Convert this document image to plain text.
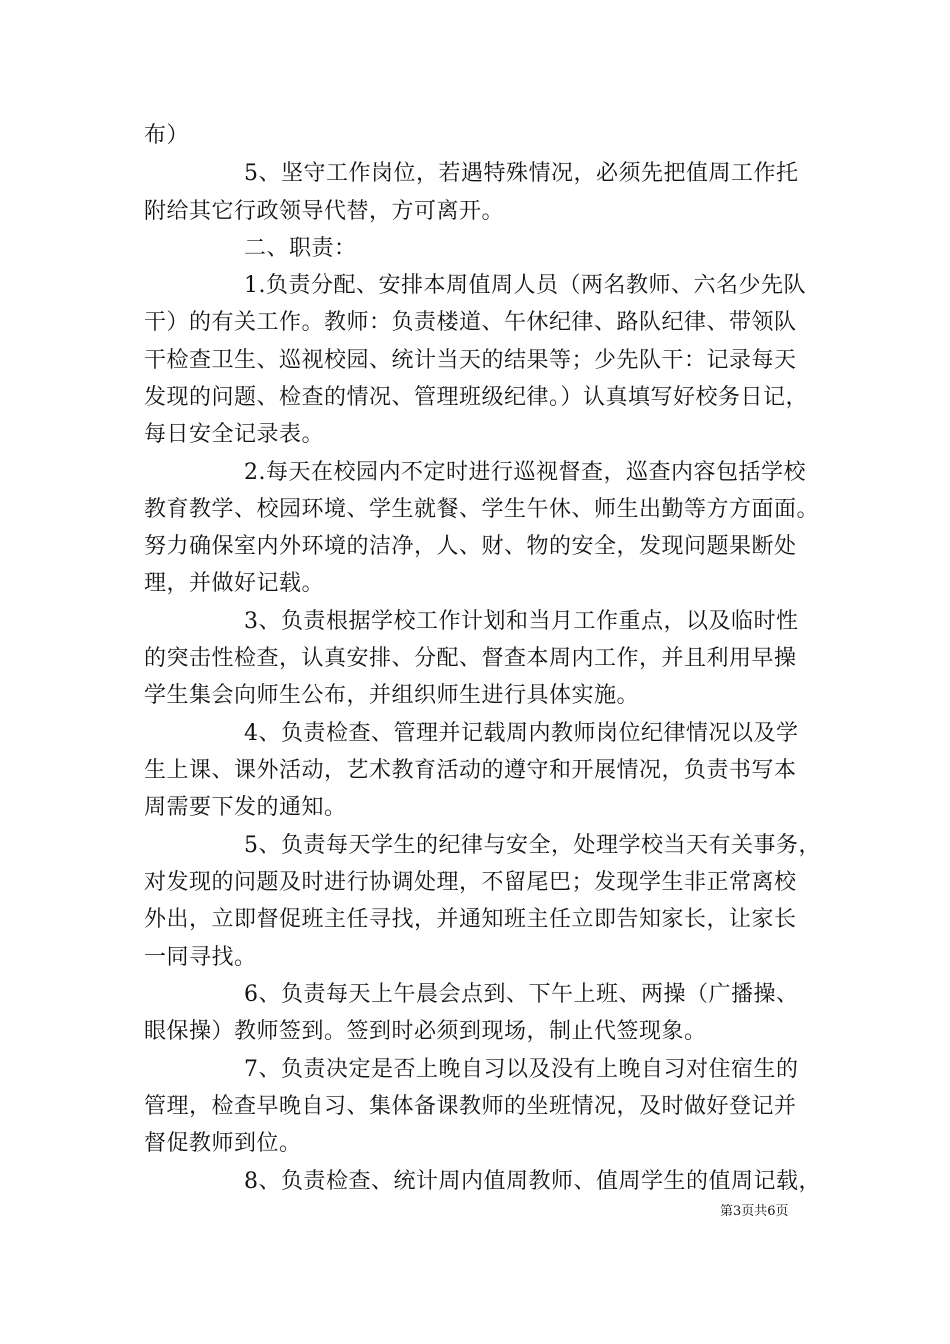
布）
5、坚守工作岗位，若遇特殊情况，必须先把值周工作托
附给其它行政领导代替，方可离开。
二、职责：
1.负责分配、安排本周值周人员（两名教师、六名少先队
干）的有关工作。教师：负责楼道、午休纪律、路队纪律、带领队
干检查卫生、巡视校园、统计当天的结果等；少先队干：记录每天
发现的问题、检查的情况、管理班级纪律。）认真填写好校务日记，
每日安全记录表。
2.每天在校园内不定时进行巡视督查，巡查内容包括学校
教育教学、校园环境、学生就餐、学生午休、师生出勤等方方面面。
努力确保室内外环境的洁净，人、财、物的安全，发现问题果断处
理，并做好记载。
3、负责根据学校工作计划和当月工作重点，以及临时性
的突击性检查，认真安排、分配、督查本周内工作，并且利用早操
学生集会向师生公布，并组织师生进行具体实施。
4、负责检查、管理并记载周内教师岗位纪律情况以及学
生上课、课外活动，艺术教育活动的遵守和开展情况，负责书写本
周需要下发的通知。
5、负责每天学生的纪律与安全，处理学校当天有关事务，
对发现的问题及时进行协调处理，不留尾巴；发现学生非正常离校
外出，立即督促班主任寻找，并通知班主任立即告知家长，让家长
一同寻找。
6、负责每天上午晨会点到、下午上班、两操（广播操、
眼保操）教师签到。签到时必须到现场，制止代签现象。
7、负责决定是否上晚自习以及没有上晚自习对住宿生的
管理，检查早晚自习、集体备课教师的坐班情况，及时做好登记并
督促教师到位。
8、负责检查、统计周内值周教师、值周学生的值周记载，
第3页共6页
